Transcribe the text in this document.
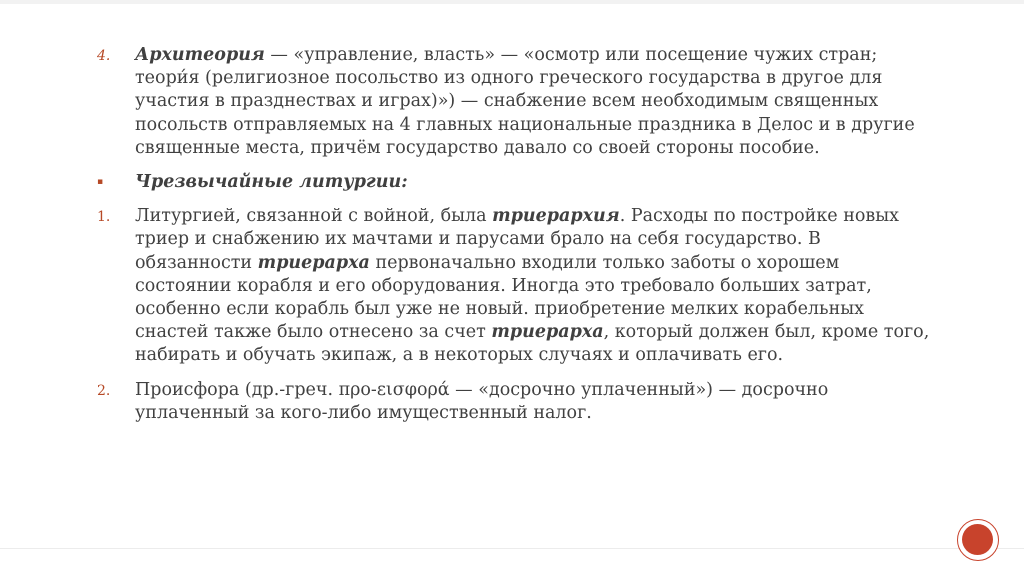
4.	Архитеория — «управление, власть» — «осмотр или посещение чужих стран; теори́я (религиозное посольство из одного греческого государства в другое для участия в празднествах и играх)») — снабжение всем необходимым священных посольств отправляемых на 4 главных национальные праздника в Делос и в другие священные места, причём государство давало со своей стороны пособие.
▪	Чрезвычайные литургии:
1.	Литургией, связанной с войной, была триерархия. Расходы по постройке новых триер и снабжению их мачтами и парусами брало на себя государство. В обязанности триерарха первоначально входили только заботы о хорошем состоянии корабля и его оборудования. Иногда это требовало больших затрат, особенно если корабль был уже не новый. приобретение мелких корабельных снастей также было отнесено за счет триерарха, который должен был, кроме того, набирать и обучать экипаж, а в некоторых случаях и оплачивать его.
2.	Происфора (др.-греч. προ-εισφορά — «досрочно уплаченный») — досрочно уплаченный за кого-либо имущественный налог.
